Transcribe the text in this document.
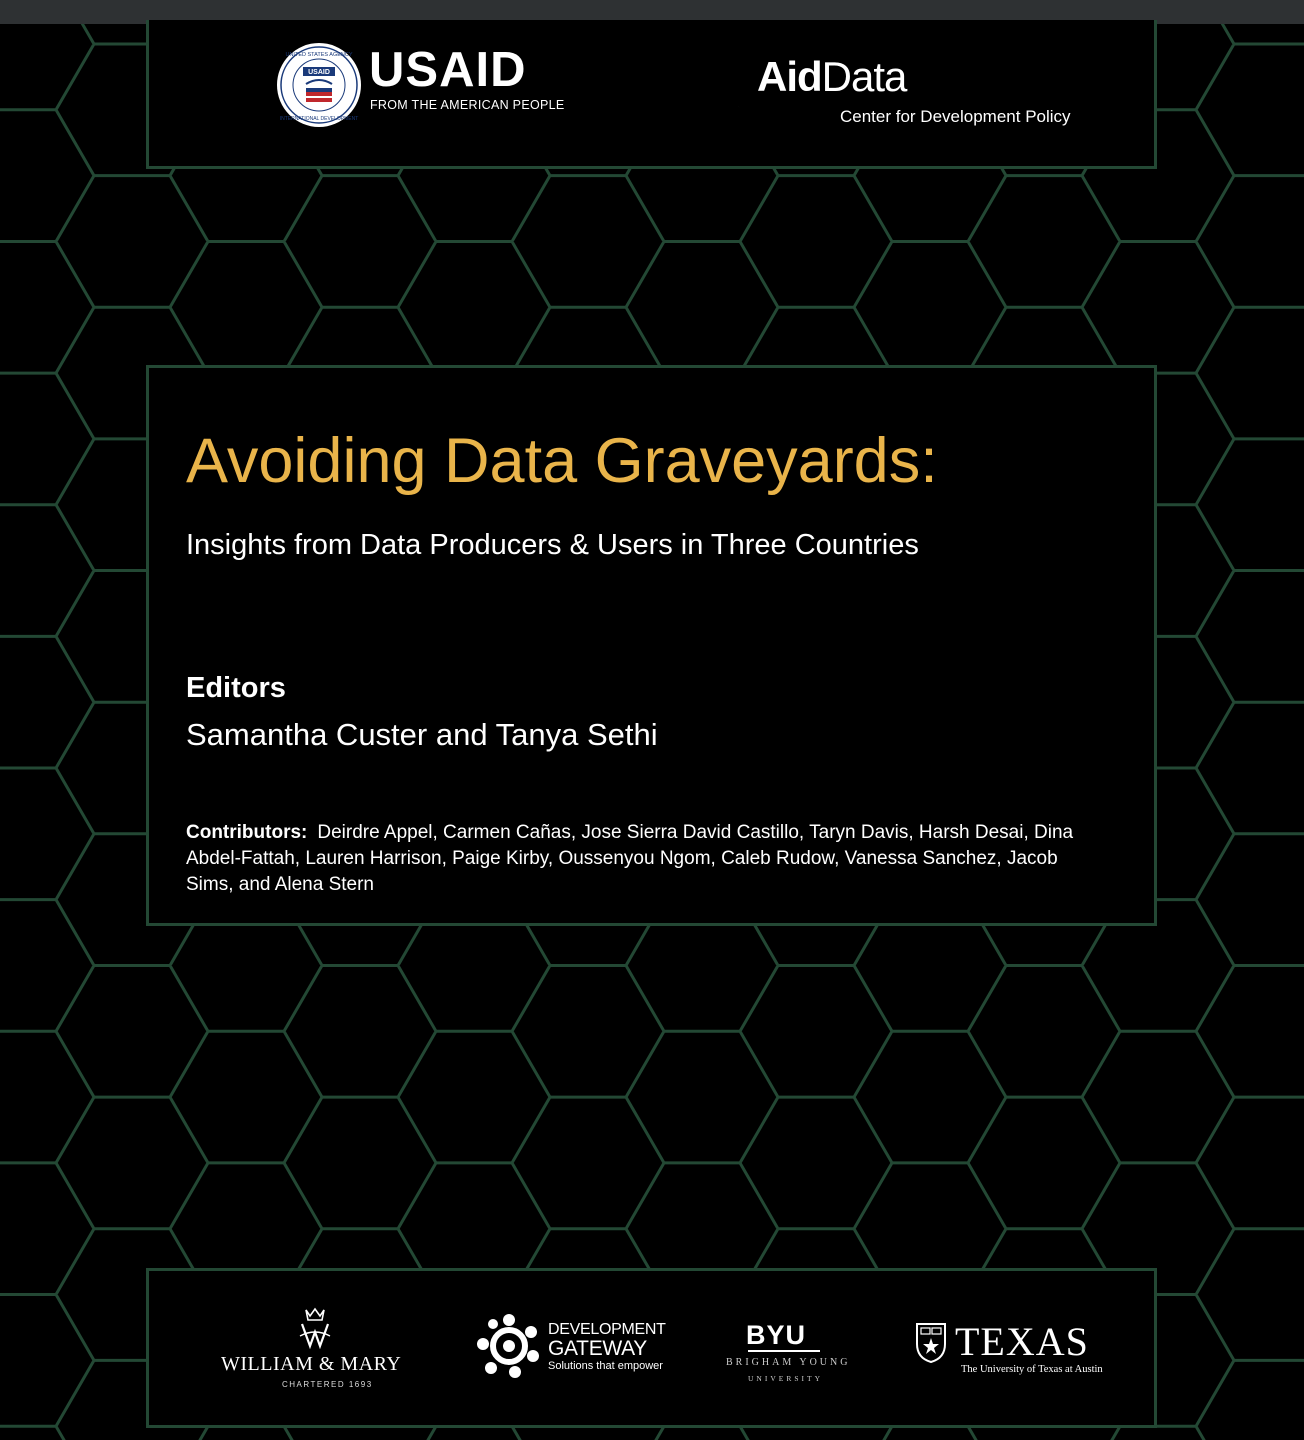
USAID
UNITED STATES AGENCY
INTERNATIONAL DEVELOPMENT
USAID
FROM THE AMERICAN PEOPLE
AidData
Center for Development Policy
Avoiding Data Graveyards:
Insights from Data Producers & Users in Three Countries
Editors
Samantha Custer and Tanya Sethi
Contributors: Deirdre Appel, Carmen Cañas, Jose Sierra David Castillo, Taryn Davis, Harsh Desai, Dina Abdel-Fattah, Lauren Harrison, Paige Kirby, Oussenyou Ngom, Caleb Rudow, Vanessa Sanchez, Jacob Sims, and Alena Stern
WILLIAM & MARY
CHARTERED 1693
DEVELOPMENT
GATEWAY
Solutions that empower
BYU
BRIGHAM YOUNG
UNIVERSITY
TEXAS
The University of Texas at Austin
